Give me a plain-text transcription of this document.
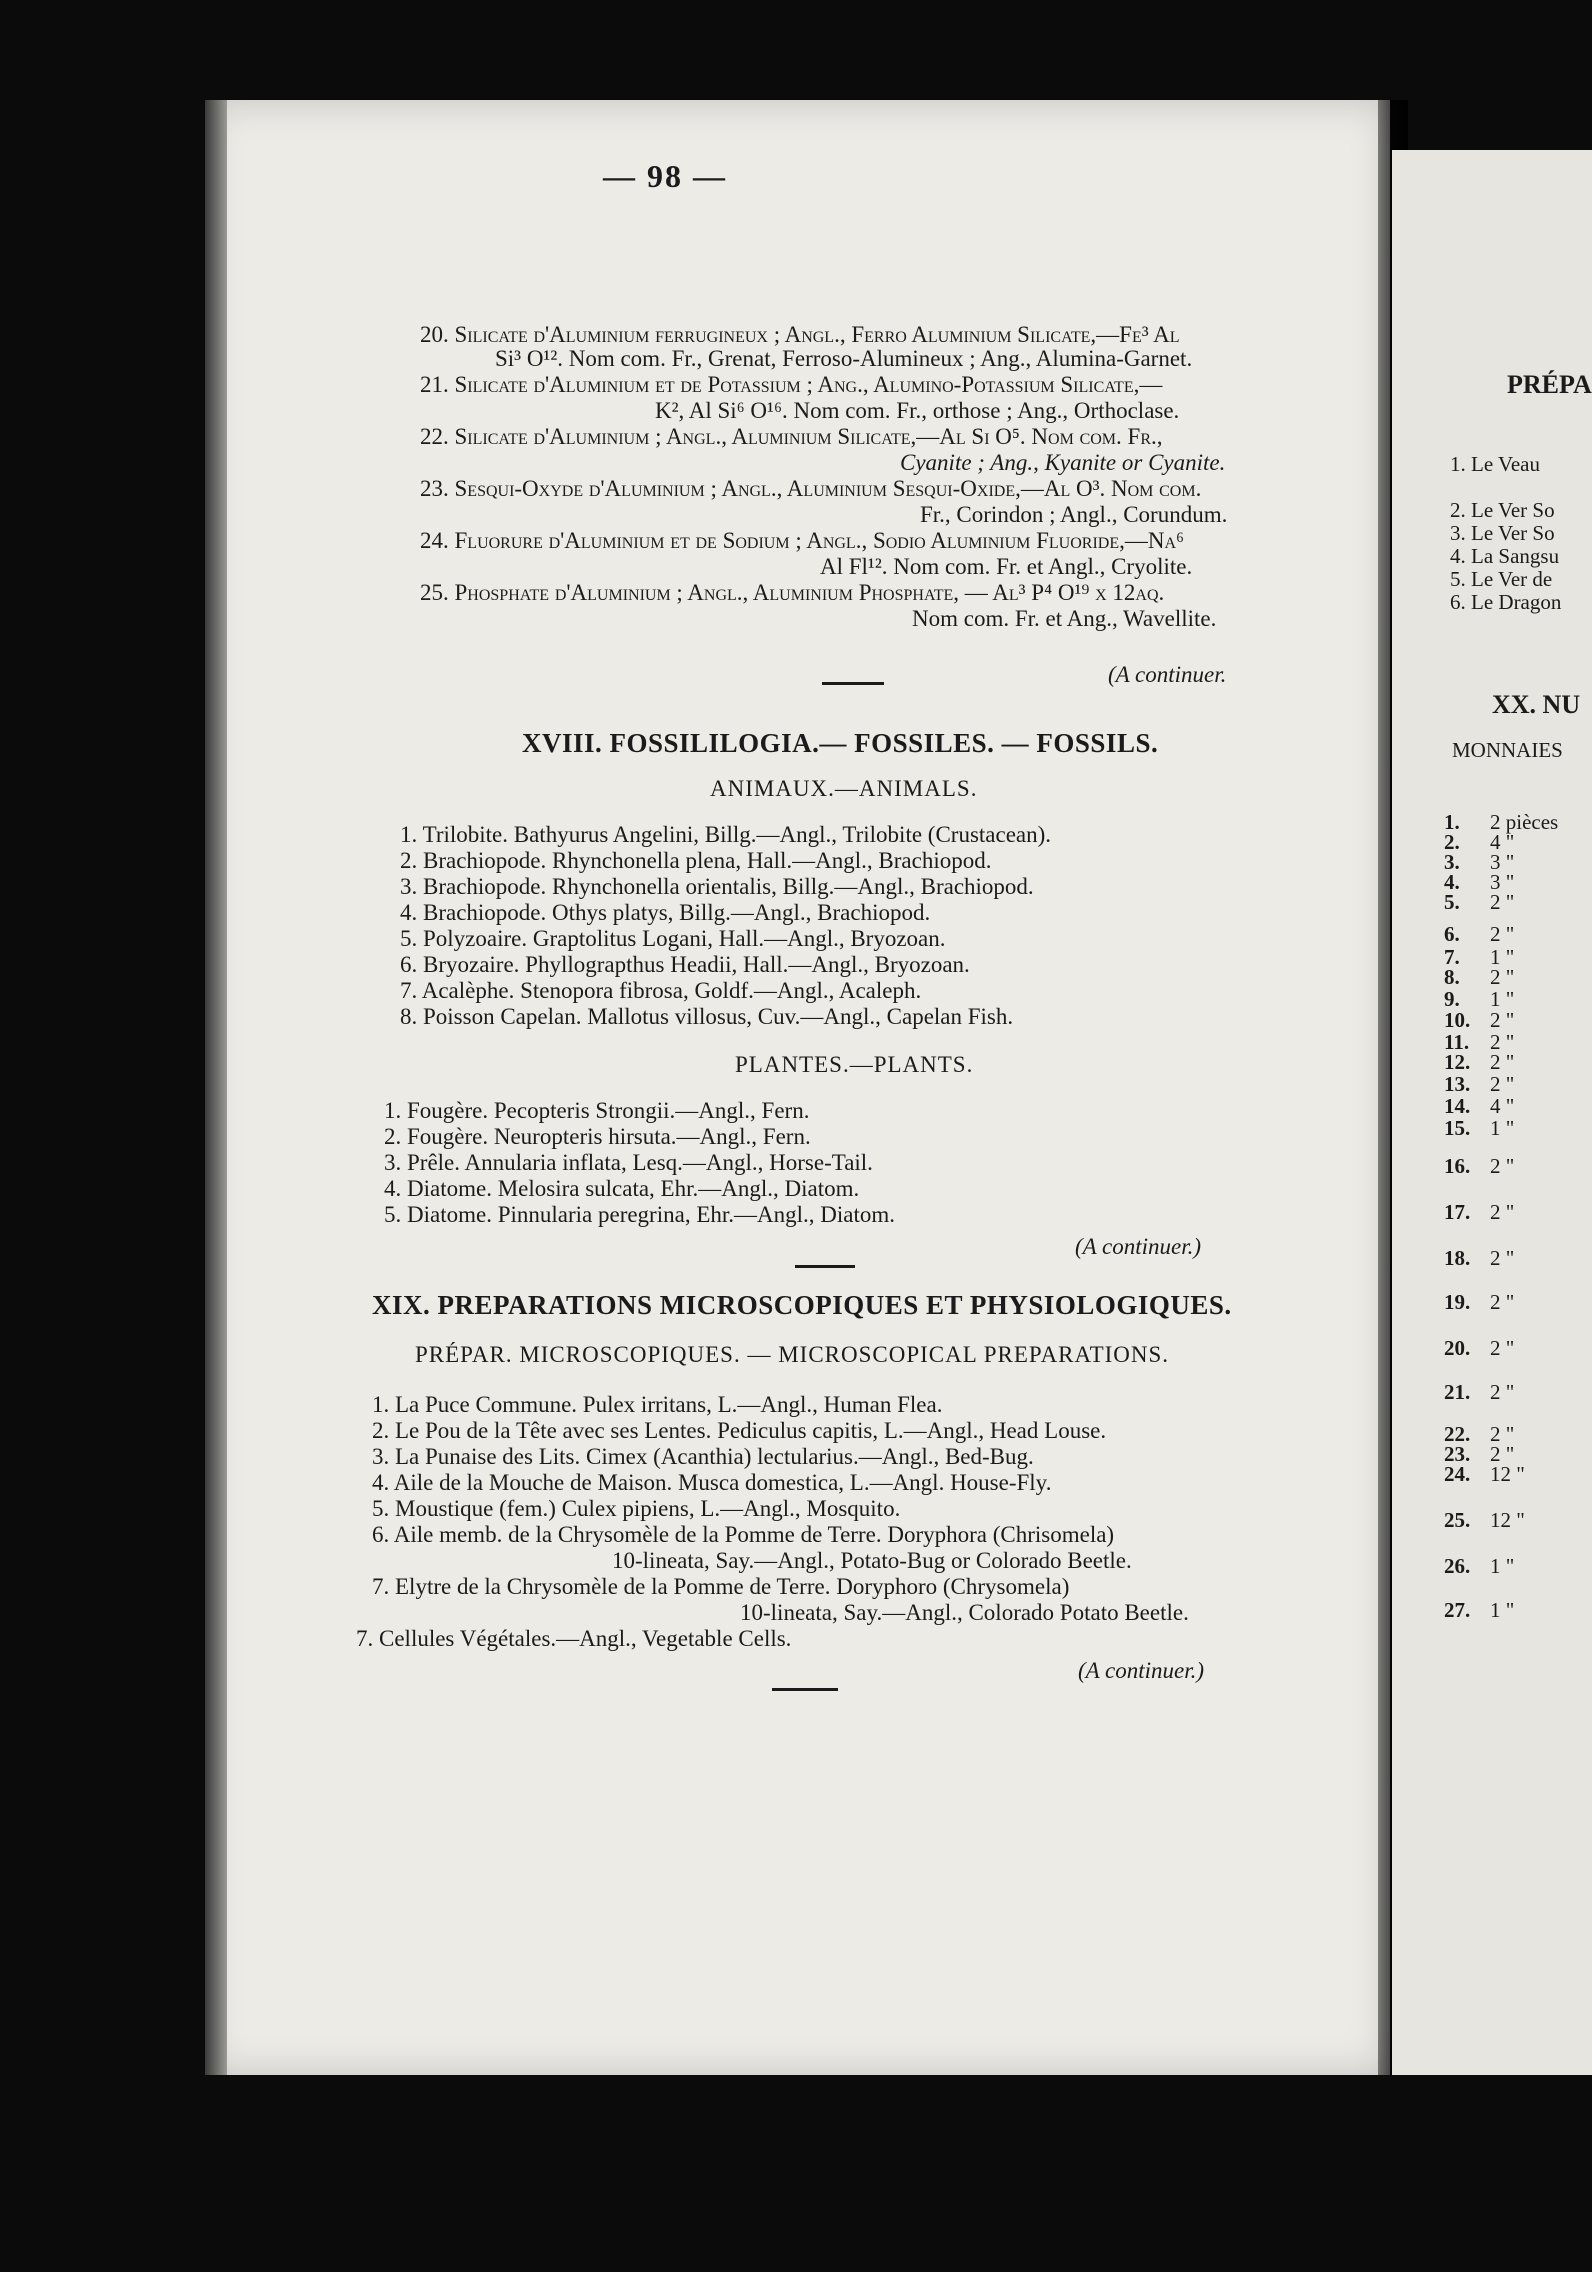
— 98 —
20. Silicate d'Aluminium ferrugineux ; Angl., Ferro Aluminium Silicate,—Fe³ Al
Si³ O¹². Nom com. Fr., Grenat, Ferroso-Alumineux ; Ang., Alumina-Garnet.
21. Silicate d'Aluminium et de Potassium ; Ang., Alumino-Potassium Silicate,—
K², Al Si⁶ O¹⁶. Nom com. Fr., orthose ; Ang., Orthoclase.
22. Silicate d'Aluminium ; Angl., Aluminium Silicate,—Al Si O⁵. Nom com. Fr.,
Cyanite ; Ang., Kyanite or Cyanite.
23. Sesqui-Oxyde d'Aluminium ; Angl., Aluminium Sesqui-Oxide,—Al O³. Nom com.
Fr., Corindon ; Angl., Corundum.
24. Fluorure d'Aluminium et de Sodium ; Angl., Sodio Aluminium Fluoride,—Na⁶
Al Fl¹². Nom com. Fr. et Angl., Cryolite.
25. Phosphate d'Aluminium ; Angl., Aluminium Phosphate, — Al³ P⁴ O¹⁹ x 12aq.
Nom com. Fr. et Ang., Wavellite.
(A continuer.
XVIII. FOSSILILOGIA.— FOSSILES. — FOSSILS.
ANIMAUX.—ANIMALS.
1. Trilobite. Bathyurus Angelini, Billg.—Angl., Trilobite (Crustacean).
2. Brachiopode. Rhynchonella plena, Hall.—Angl., Brachiopod.
3. Brachiopode. Rhynchonella orientalis, Billg.—Angl., Brachiopod.
4. Brachiopode. Othys platys, Billg.—Angl., Brachiopod.
5. Polyzoaire. Graptolitus Logani, Hall.—Angl., Bryozoan.
6. Bryozaire. Phyllograpthus Headii, Hall.—Angl., Bryozoan.
7. Acalèphe. Stenopora fibrosa, Goldf.—Angl., Acaleph.
8. Poisson Capelan. Mallotus villosus, Cuv.—Angl., Capelan Fish.
PLANTES.—PLANTS.
1. Fougère. Pecopteris Strongii.—Angl., Fern.
2. Fougère. Neuropteris hirsuta.—Angl., Fern.
3. Prêle. Annularia inflata, Lesq.—Angl., Horse-Tail.
4. Diatome. Melosira sulcata, Ehr.—Angl., Diatom.
5. Diatome. Pinnularia peregrina, Ehr.—Angl., Diatom.
(A continuer.)
XIX. PREPARATIONS MICROSCOPIQUES ET PHYSIOLOGIQUES.
PRÉPAR. MICROSCOPIQUES. — MICROSCOPICAL PREPARATIONS.
1. La Puce Commune. Pulex irritans, L.—Angl., Human Flea.
2. Le Pou de la Tête avec ses Lentes. Pediculus capitis, L.—Angl., Head Louse.
3. La Punaise des Lits. Cimex (Acanthia) lectularius.—Angl., Bed-Bug.
4. Aile de la Mouche de Maison. Musca domestica, L.—Angl. House-Fly.
5. Moustique (fem.) Culex pipiens, L.—Angl., Mosquito.
6. Aile memb. de la Chrysomèle de la Pomme de Terre. Doryphora (Chrisomela)
10-lineata, Say.—Angl., Potato-Bug or Colorado Beetle.
7. Elytre de la Chrysomèle de la Pomme de Terre. Doryphoro (Chrysomela)
10-lineata, Say.—Angl., Colorado Potato Beetle.
7. Cellules Végétales.—Angl., Vegetable Cells.
(A continuer.)
PRÉPA
1. Le Veau
2. Le Ver So
3. Le Ver So
4. La Sangsu
5. Le Ver de
6. Le Dragon
XX. NU
MONNAIES
1. 2 pièces
2. 4 "
3. 3 "
4. 3 "
5. 2 "
6. 2 "
7. 1 "
8. 2 "
9. 1 "
10. 2 "
11. 2 "
12. 2 "
13. 2 "
14. 4 "
15. 1 "
16. 2 "
17. 2 "
18. 2 "
19. 2 "
20. 2 "
21. 2 "
22. 2 "
23. 2 "
24. 12 "
25. 12 "
26. 1 "
27. 1 "
